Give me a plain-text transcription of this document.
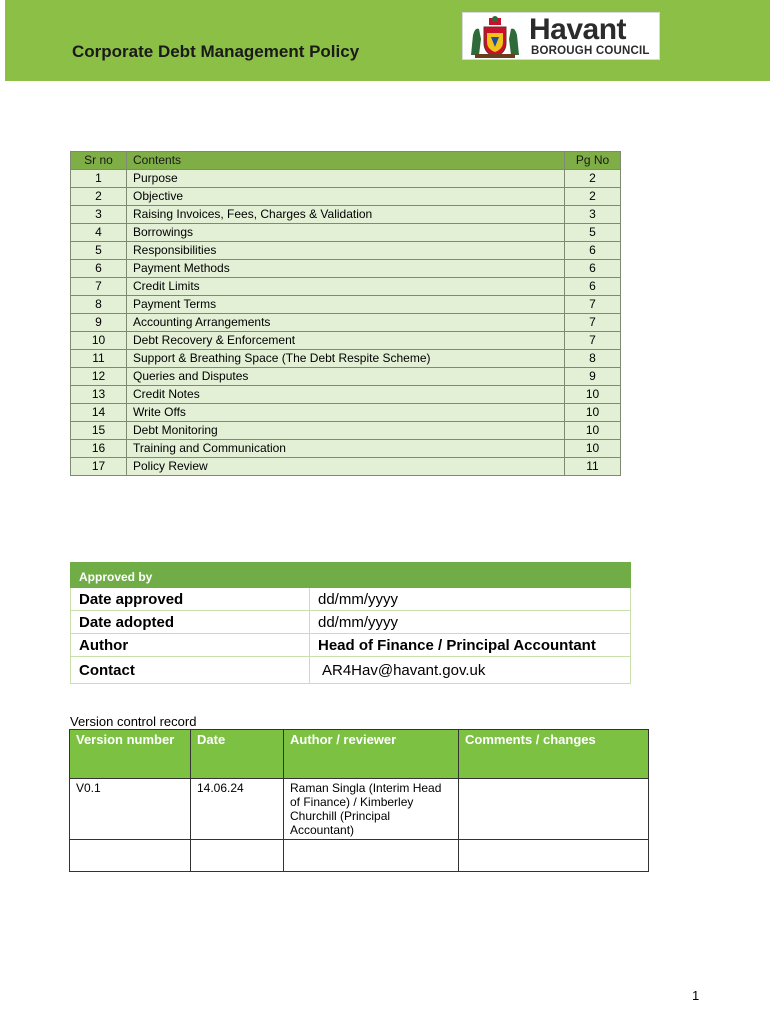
Corporate Debt Management Policy
Havant
BOROUGH COUNCIL
Sr no	Contents	Pg No
1	Purpose	2
2	Objective	2
3	Raising Invoices, Fees, Charges & Validation	3
4	Borrowings	5
5	Responsibilities	6
6	Payment Methods	6
7	Credit Limits	6
8	Payment Terms	7
9	Accounting Arrangements	7
10	Debt Recovery & Enforcement	7
11	Support & Breathing Space (The Debt Respite Scheme)	8
12	Queries and Disputes	9
13	Credit Notes	10
14	Write Offs	10
15	Debt Monitoring	10
16	Training and Communication	10
17	Policy Review	11
Approved by	
Date approved	dd/mm/yyyy
Date adopted	dd/mm/yyyy
Author	Head of Finance / Principal Accountant
Contact	AR4Hav@havant.gov.uk
Version control record
Version number	Date	Author / reviewer	Comments / changes
V0.1	14.06.24	Raman Singla (Interim Head of Finance) / Kimberley Churchill (Principal Accountant)	

1
